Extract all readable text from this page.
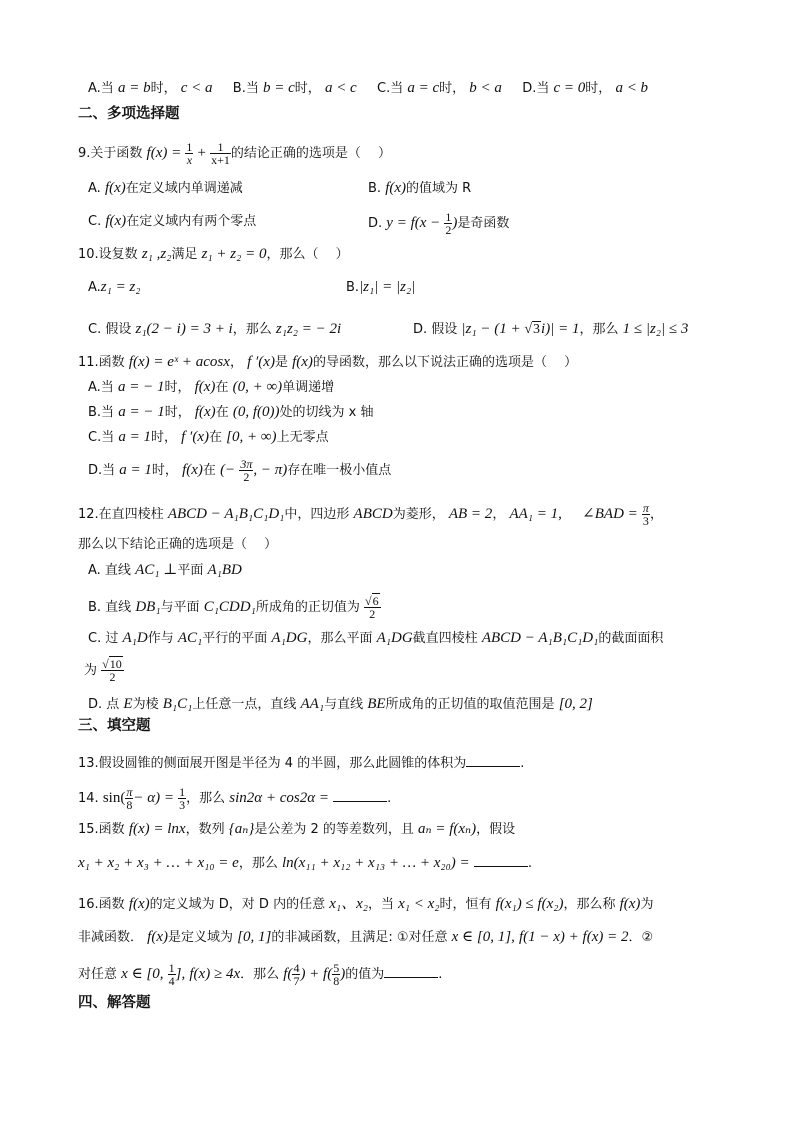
A.当 a = b时， c < a B.当 b = c时， a < c C.当 a = c时， b < a D.当 c = 0时， a < b
二、多项选择题
9.关于函数 $f(x) = \frac{1}{x} + \frac{1}{x+1}$ 的结论正确的选项是（　 ）
A. f(x)在定义域内单调递减	B. f(x)的值域为 R
C. f(x)在定义域内有两个零点	D. $y = f(x - \frac{1}{2}$ )是奇函数
10.设复数 z₁ ,z₂满足 z₁ + z₂ = 0，那么（　 ）
A.z₁ = z₂	B.|z₁| = |z₂|
C. 假设 z₁(2 − i) = 3 + i，那么 z₁z₂ = − 2i	D. 假设 |z₁ − (1 + √3i)| = 1，那么 1 ≤ |z₂| ≤ 3
11.函数 f(x) = eˣ + acosx， f ′(x)是 f(x)的导函数，那么以下说法正确的选项是（　 ）
A.当 a = − 1时， f(x)在 (0, + ∞)单调递增
B.当 a = − 1时， f(x)在 (0, f(0))处的切线为 x 轴
C.当 a = 1时， f ′(x)在 [0, + ∞)上无零点
D.当 a = 1时， f(x)在 (− $\frac{3\pi}{2}$ , − π)存在唯一极小值点
12.在直四棱柱 ABCD − A₁B₁C₁D₁中，四边形 ABCD为菱形， AB = 2， AA₁ = 1, ∠BAD = $\frac{\pi}{3}$ ，
那么以下结论正确的选项是（　 ）
A. 直线 AC₁ ⊥平面 A₁BD
B. 直线 DB₁与平面 C₁CDD₁所成角的正切值为 $\frac{√6}{2}$
C. 过 A₁D作与 AC₁平行的平面 A₁DG，那么平面 A₁DG截直四棱柱 ABCD − A₁B₁C₁D₁的截面面积
为 $\frac{√10}{2}$
D. 点 E为棱 B₁C₁上任意一点，直线 AA₁与直线 BE所成角的正切值的取值范围是 [0, 2]
三、填空题
13.假设圆锥的侧面展开图是半径为 4 的半圆，那么此圆锥的体积为	.
14. $\sin( \frac{\pi}{8} - \alpha) = \frac{1}{3}$ ，那么 sin2α + cos2α =	.
15.函数 f(x) = lnx，数列 {aₙ}是公差为 2 的等差数列，且 aₙ = f(xₙ)，假设
x₁ + x₂ + x₃ + … + x₁₀ = e，那么 ln(x₁₁ + x₁₂ + x₁₃ + … + x₂₀) =	.
16.函数 f(x)的定义域为 D，对 D 内的任意 x₁、x₂，当 x₁ < x₂时，恒有 f(x₁) ≤ f(x₂)，那么称 f(x)为
非减函数． f(x)是定义域为 [0, 1]的非减函数，且满足: ①对任意 x ∈ [0, 1], f(1 − x) + f(x) = 2．②
对任意 x ∈ [0, $\frac{1}{4}$ ], f(x) ≥ 4x．那么 $f( \frac{4}{7}$ ) + $f( \frac{5}{8}$ )的值为	.
四、解答题
